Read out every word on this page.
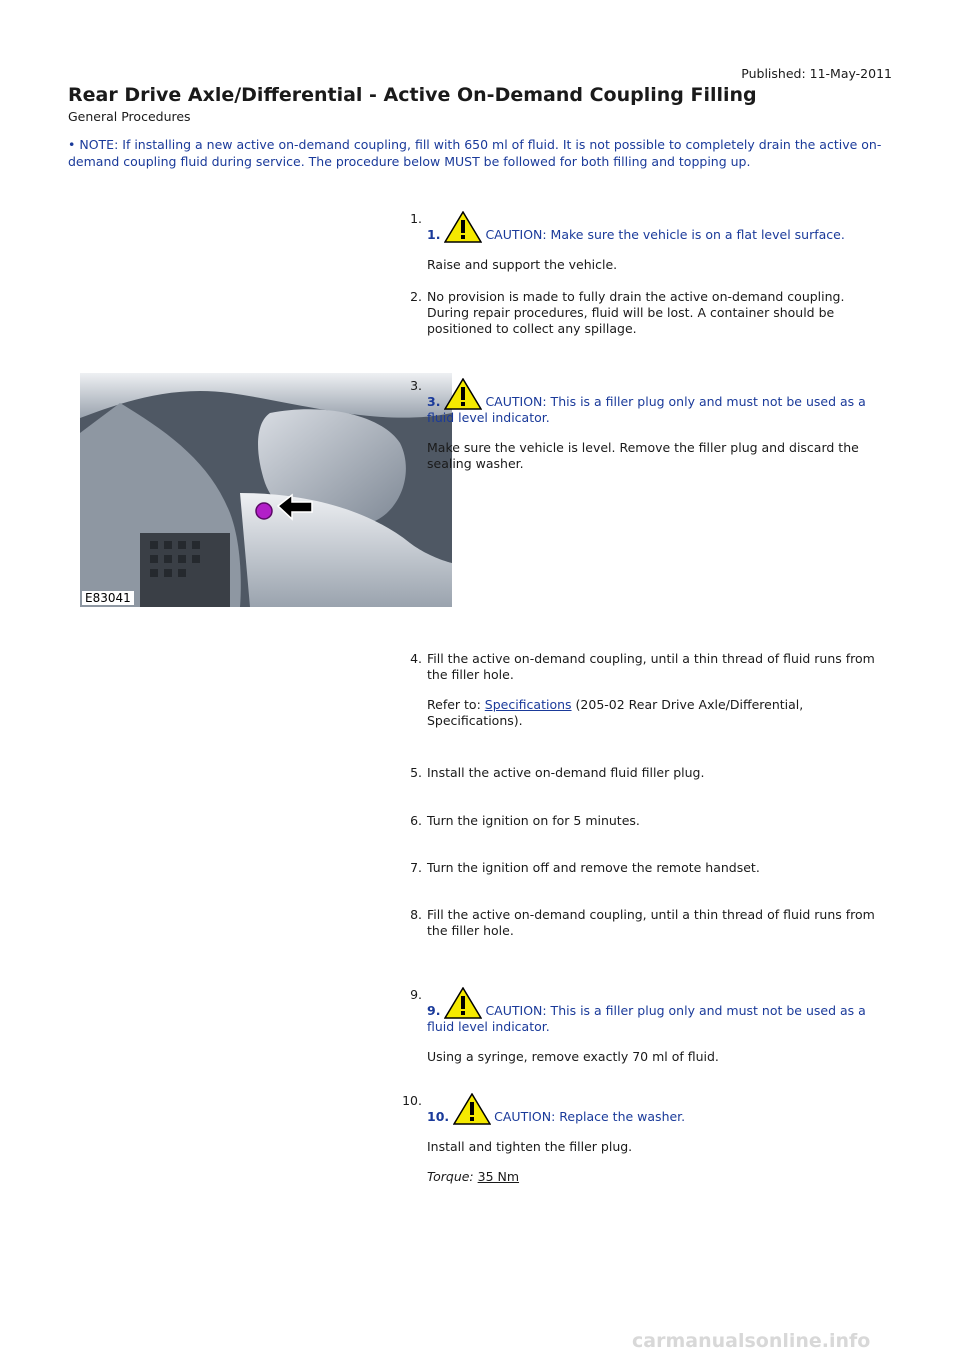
Published: 11-May-2011
Rear Drive Axle/Differential - Active On-Demand Coupling Filling
General Procedures
• NOTE: If installing a new active on-demand coupling, fill with 650 ml of fluid. It is not possible to completely drain the active on-demand coupling fluid during service. The procedure below MUST be followed for both filling and topping up.
1.

1.	CAUTION: Make sure the vehicle is on a flat level surface.

Raise and support the vehicle.

2. No provision is made to fully drain the active on-demand coupling. During repair procedures, fluid will be lost. A container should be positioned to collect any spillage.

E83041
3.

3.	CAUTION: This is a filler plug only and must not be used as a fluid level indicator.

Make sure the vehicle is level. Remove the filler plug and discard the sealing washer.

4. Fill the active on-demand coupling, until a thin thread of fluid runs from the filler hole.

Refer to: Specifications (205-02 Rear Drive Axle/Differential, Specifications).

5. Install the active on-demand fluid filler plug.

6. Turn the ignition on for 5 minutes.

7. Turn the ignition off and remove the remote handset.

8. Fill the active on-demand coupling, until a thin thread of fluid runs from the filler hole.

9.

9.	CAUTION: This is a filler plug only and must not be used as a fluid level indicator.

Using a syringe, remove exactly 70 ml of fluid.

10.

10.	CAUTION: Replace the washer.

Install and tighten the filler plug.

Torque: 35 Nm

carmanualsonline.info
